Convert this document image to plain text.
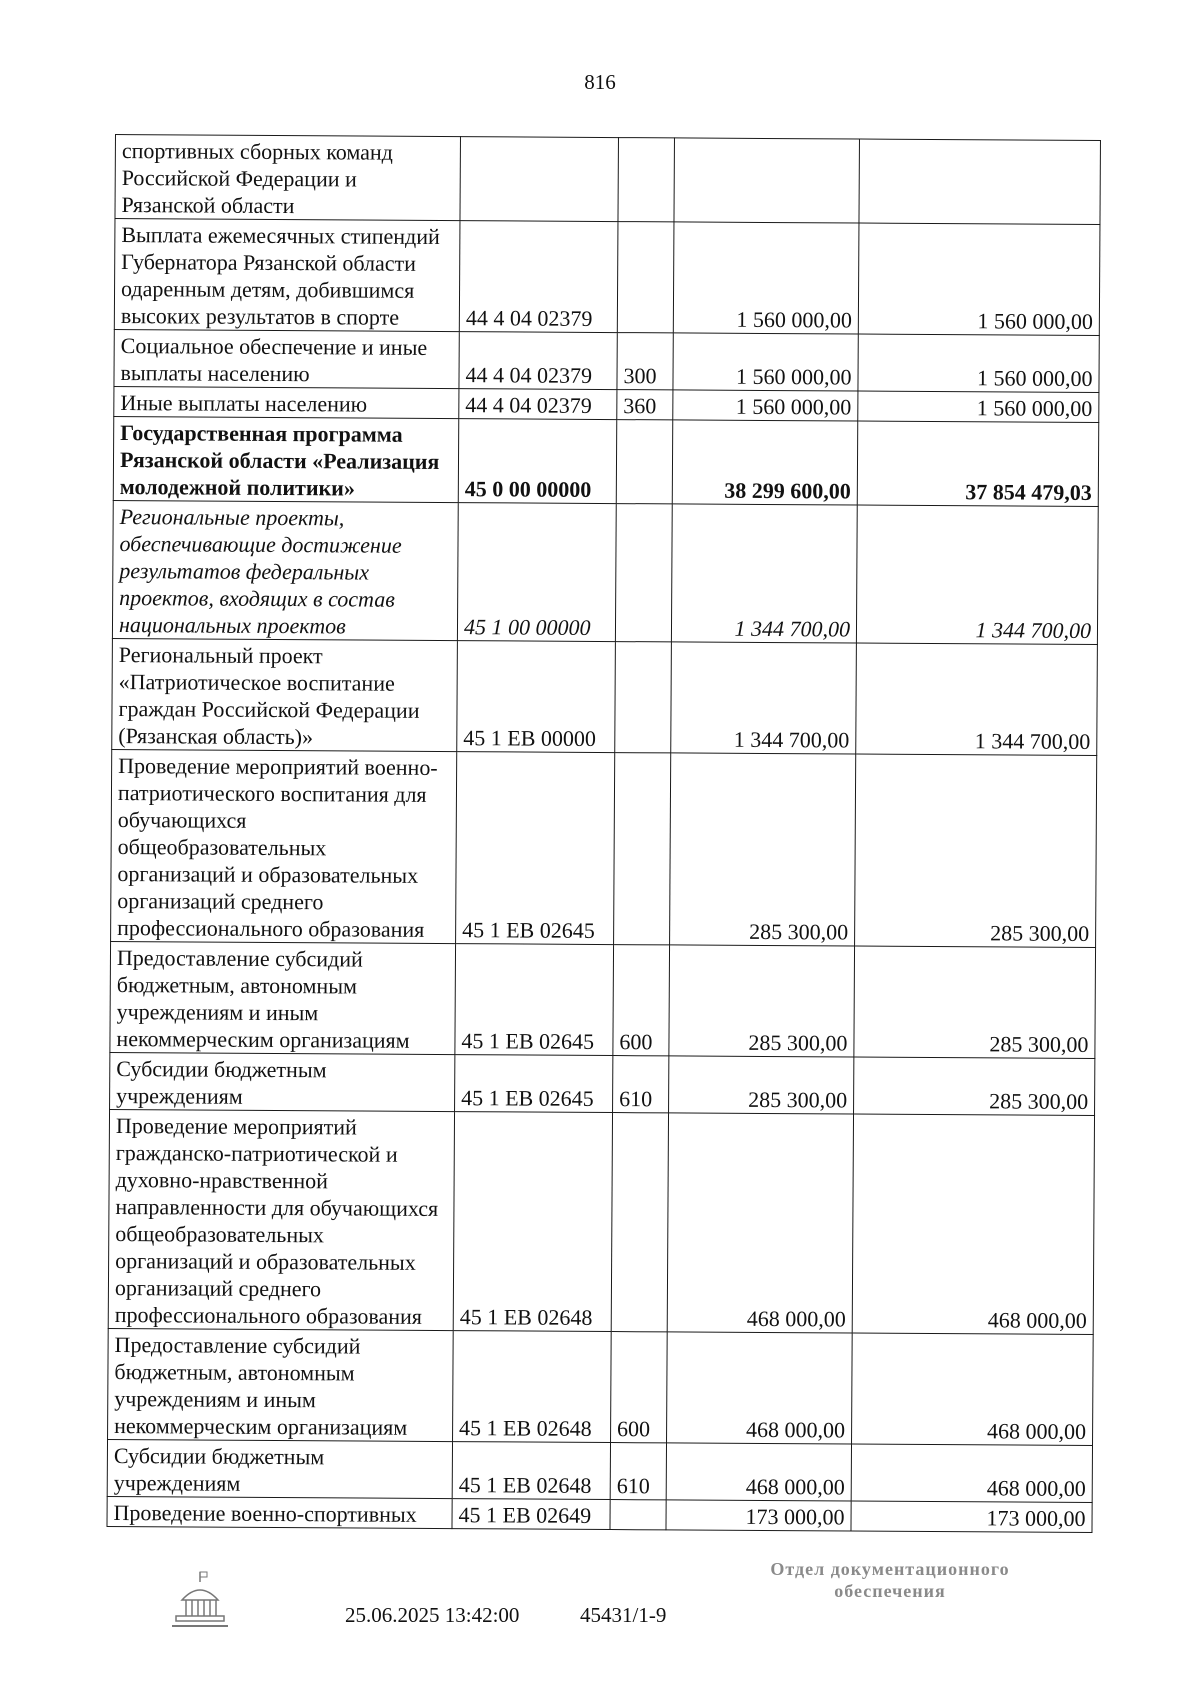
816
спортивных сборных команд Российской Федерации и Рязанской области				
Выплата ежемесячных стипендий Губернатора Рязанской области одаренным детям, добившимся высоких результатов в спорте	44 4 04 02379		1 560 000,00	1 560 000,00
Социальное обеспечение и иные выплаты населению	44 4 04 02379	300	1 560 000,00	1 560 000,00
Иные выплаты населению	44 4 04 02379	360	1 560 000,00	1 560 000,00
Государственная программа Рязанской области «Реализация молодежной политики»	45 0 00 00000		38 299 600,00	37 854 479,03
Региональные проекты, обеспечивающие достижение результатов федеральных проектов, входящих в состав национальных проектов	45 1 00 00000		1 344 700,00	1 344 700,00
Региональный проект «Патриотическое воспитание граждан Российской Федерации (Рязанская область)»	45 1 ЕВ 00000		1 344 700,00	1 344 700,00
Проведение мероприятий военно-патриотического воспитания для обучающихся общеобразовательных организаций и образовательных организаций среднего профессионального образования	45 1 ЕВ 02645		285 300,00	285 300,00
Предоставление субсидий бюджетным, автономным учреждениям и иным некоммерческим организациям	45 1 ЕВ 02645	600	285 300,00	285 300,00
Субсидии бюджетным учреждениям	45 1 ЕВ 02645	610	285 300,00	285 300,00
Проведение мероприятий гражданско-патриотической и духовно-нравственной направленности для обучающихся общеобразовательных организаций и образовательных организаций среднего профессионального образования	45 1 ЕВ 02648		468 000,00	468 000,00
Предоставление субсидий бюджетным, автономным учреждениям и иным некоммерческим организациям	45 1 ЕВ 02648	600	468 000,00	468 000,00
Субсидии бюджетным учреждениям	45 1 ЕВ 02648	610	468 000,00	468 000,00
Проведение военно-спортивных	45 1 ЕВ 02649		173 000,00	173 000,00
25.06.2025 13:42:00	45431/1-9
Отдел документационного
обеспечения
